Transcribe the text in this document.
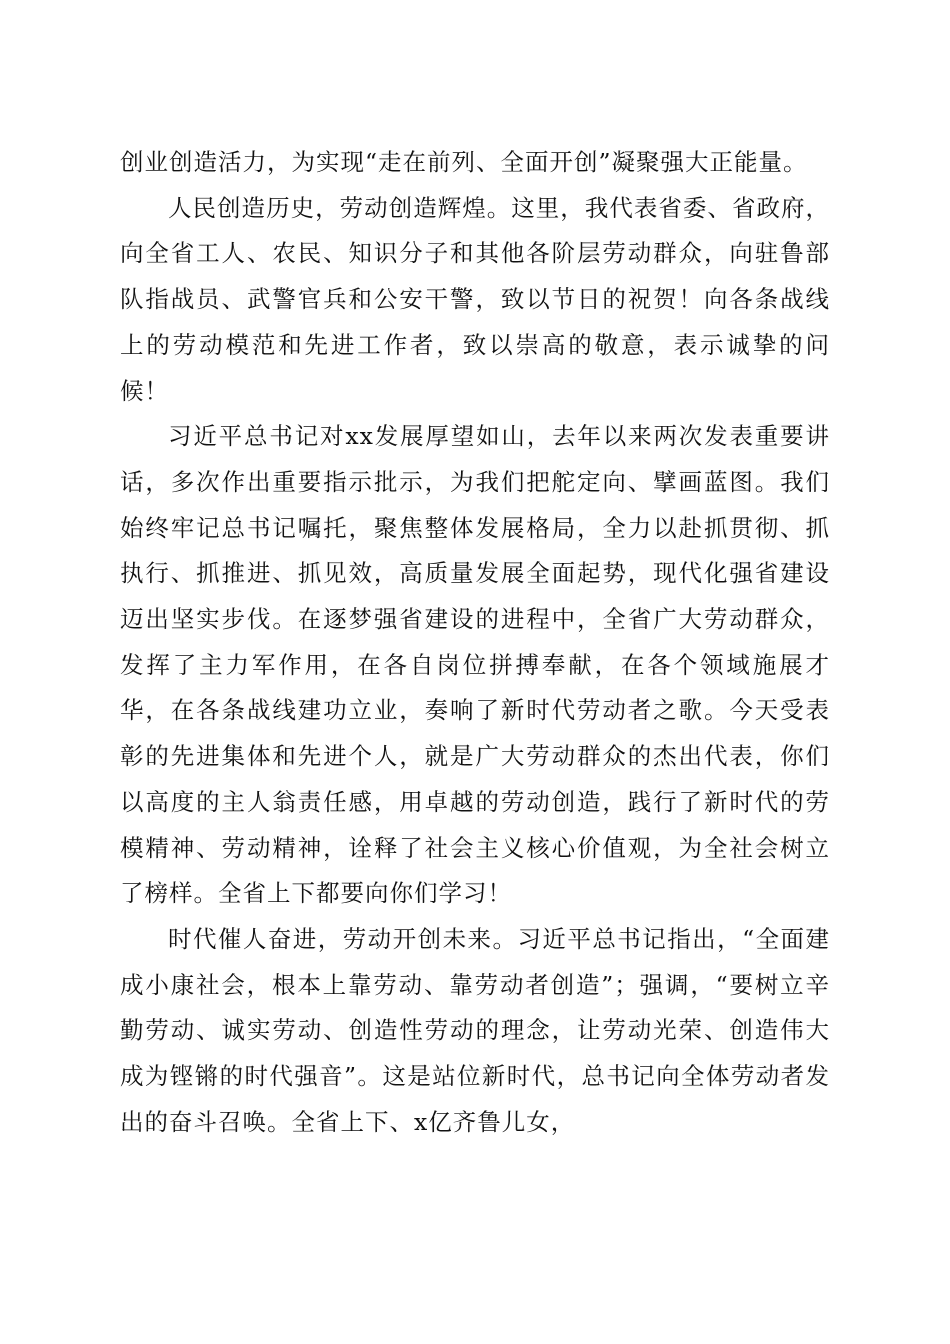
创业创造活力，为实现“走在前列、全面开创”凝聚强大正能量。

人民创造历史，劳动创造辉煌。这里，我代表省委、省政府，向全省工人、农民、知识分子和其他各阶层劳动群众，向驻鲁部队指战员、武警官兵和公安干警，致以节日的祝贺！向各条战线上的劳动模范和先进工作者，致以崇高的敬意，表示诚挚的问候！

习近平总书记对xx发展厚望如山，去年以来两次发表重要讲话，多次作出重要指示批示，为我们把舵定向、擘画蓝图。我们始终牢记总书记嘱托，聚焦整体发展格局，全力以赴抓贯彻、抓执行、抓推进、抓见效，高质量发展全面起势，现代化强省建设迈出坚实步伐。在逐梦强省建设的进程中，全省广大劳动群众，发挥了主力军作用，在各自岗位拼搏奉献，在各个领域施展才华，在各条战线建功立业，奏响了新时代劳动者之歌。今天受表彰的先进集体和先进个人，就是广大劳动群众的杰出代表，你们以高度的主人翁责任感，用卓越的劳动创造，践行了新时代的劳模精神、劳动精神，诠释了社会主义核心价值观，为全社会树立了榜样。全省上下都要向你们学习！

时代催人奋进，劳动开创未来。习近平总书记指出，“全面建成小康社会，根本上靠劳动、靠劳动者创造”；强调，“要树立辛勤劳动、诚实劳动、创造性劳动的理念，让劳动光荣、创造伟大成为铿锵的时代强音”。这是站位新时代，总书记向全体劳动者发出的奋斗召唤。全省上下、x亿齐鲁儿女，
